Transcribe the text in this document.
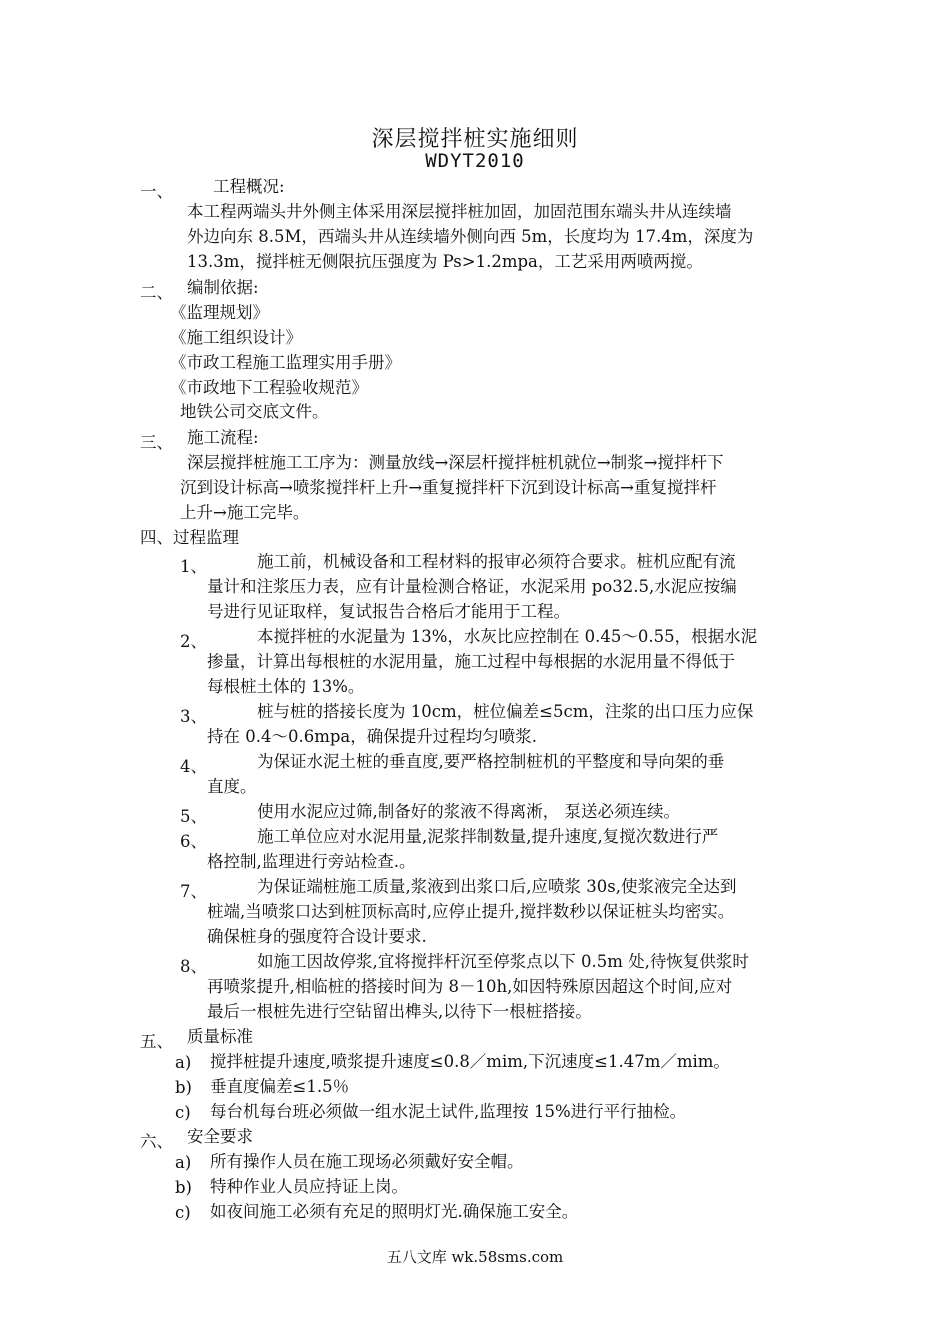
深层搅拌桩实施细则
WDYT2010
一、 工程概况:
本工程两端头井外侧主体采用深层搅拌桩加固，加固范围东端头井从连续墙
外边向东 8.5M，西端头井从连续墙外侧向西 5m，长度均为 17.4m，深度为
13.3m，搅拌桩无侧限抗压强度为 Ps>1.2mpa，工艺采用两喷两搅。
二、 编制依据:
《监理规划》
《施工组织设计》
《市政工程施工监理实用手册》
《市政地下工程验收规范》
地铁公司交底文件。
三、 施工流程:
深层搅拌桩施工工序为：测量放线→深层杆搅拌桩机就位→制浆→搅拌杆下
沉到设计标高→喷浆搅拌杆上升→重复搅拌杆下沉到设计标高→重复搅拌杆
上升→施工完毕。
四、过程监理
1、	施工前，机械设备和工程材料的报审必须符合要求。桩机应配有流
量计和注浆压力表，应有计量检测合格证，水泥采用 po32.5,水泥应按编
号进行见证取样，复试报告合格后才能用于工程。
2、	本搅拌桩的水泥量为 13%，水灰比应控制在 0.45～0.55，根据水泥
掺量，计算出每根桩的水泥用量，施工过程中每根据的水泥用量不得低于
每根桩土体的 13%。
3、	桩与桩的搭接长度为 10cm，桩位偏差≤5cm，注浆的出口压力应保
持在 0.4～0.6mpa，确保提升过程均匀喷浆.
4、	为保证水泥土桩的垂直度,要严格控制桩机的平整度和导向架的垂
直度。
5、	使用水泥应过筛,制备好的浆液不得离淅， 泵送必须连续。
6、	施工单位应对水泥用量,泥浆拌制数量,提升速度,复搅次数进行严
格控制,监理进行旁站检查.。
7、	为保证端桩施工质量,浆液到出浆口后,应喷浆 30s,使浆液完全达到
桩端,当喷浆口达到桩顶标高时,应停止提升,搅拌数秒以保证桩头均密实。
确保桩身的强度符合设计要求.
8、	如施工因故停浆,宜将搅拌杆沉至停浆点以下 0.5m 处,待恢复供浆时
再喷浆提升,相临桩的搭接时间为 8－10h,如因特殊原因超这个时间,应对
最后一根桩先进行空钻留出榫头,以待下一根桩搭接。
五、 质量标准
a) 搅拌桩提升速度,喷浆提升速度≤0.8／mim,下沉速度≤1.47m／mim。
b) 垂直度偏差≤1.5％
c) 每台机每台班必须做一组水泥土试件,监理按 15%进行平行抽检。
六、 安全要求
a) 所有操作人员在施工现场必须戴好安全帽。
b) 特种作业人员应持证上岗。
c) 如夜间施工必须有充足的照明灯光.确保施工安全。
五八文库 wk.58sms.com
